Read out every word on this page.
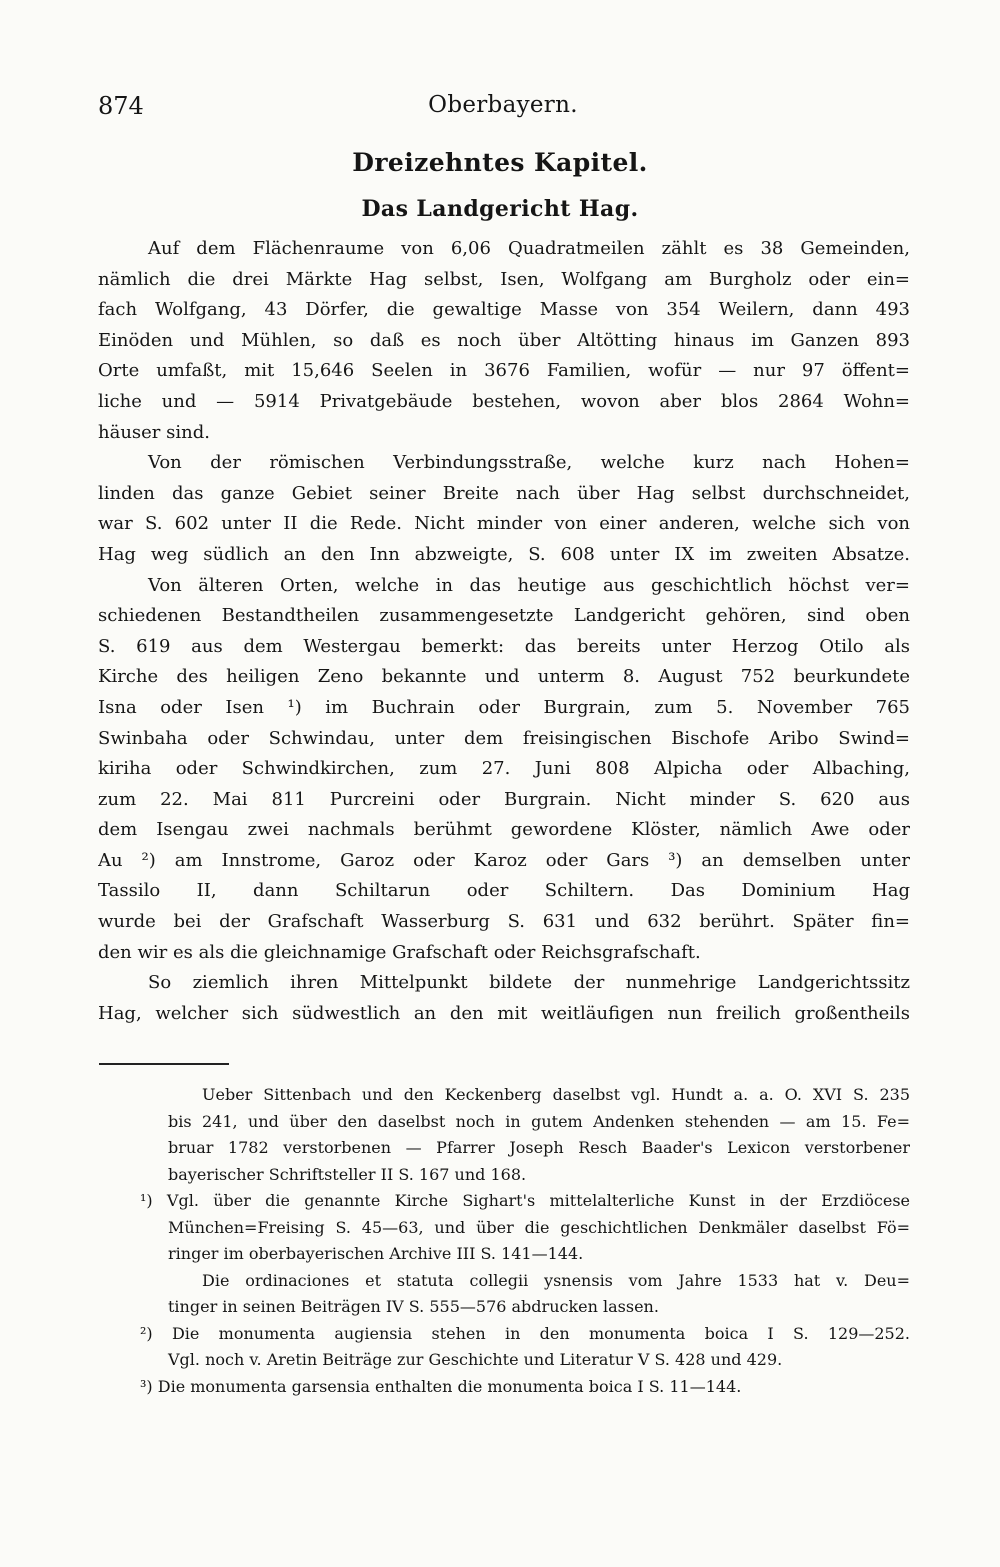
874	Oberbayern.
Dreizehntes Kapitel.
Das Landgericht Hag.
Auf dem Flächenraume von 6,06 Quadratmeilen zählt es 38 Gemeinden,
nämlich die drei Märkte Hag selbst, Isen, Wolfgang am Burgholz oder ein=
fach Wolfgang, 43 Dörfer, die gewaltige Masse von 354 Weilern, dann 493
Einöden und Mühlen, so daß es noch über Altötting hinaus im Ganzen 893
Orte umfaßt, mit 15,646 Seelen in 3676 Familien, wofür — nur 97 öffent=
liche und — 5914 Privatgebäude bestehen, wovon aber blos 2864 Wohn=
häuser sind.
Von der römischen Verbindungsstraße, welche kurz nach Hohen=
linden das ganze Gebiet seiner Breite nach über Hag selbst durchschneidet,
war S. 602 unter II die Rede. Nicht minder von einer anderen, welche sich von
Hag weg südlich an den Inn abzweigte, S. 608 unter IX im zweiten Absatze.
Von älteren Orten, welche in das heutige aus geschichtlich höchst ver=
schiedenen Bestandtheilen zusammengesetzte Landgericht gehören, sind oben
S. 619 aus dem Westergau bemerkt: das bereits unter Herzog Otilo als
Kirche des heiligen Zeno bekannte und unterm 8. August 752 beurkundete
Isna oder Isen ¹) im Buchrain oder Burgrain, zum 5. November 765
Swinbaha oder Schwindau, unter dem freisingischen Bischofe Aribo Swind=
kiriha oder Schwindkirchen, zum 27. Juni 808 Alpicha oder Albaching,
zum 22. Mai 811 Purcreini oder Burgrain. Nicht minder S. 620 aus
dem Isengau zwei nachmals berühmt gewordene Klöster, nämlich Awe oder
Au ²) am Innstrome, Garoz oder Karoz oder Gars ³) an demselben unter
Tassilo II, dann Schiltarun oder Schiltern. Das Dominium Hag
wurde bei der Grafschaft Wasserburg S. 631 und 632 berührt. Später fin=
den wir es als die gleichnamige Grafschaft oder Reichsgrafschaft.
So ziemlich ihren Mittelpunkt bildete der nunmehrige Landgerichtssitz
Hag, welcher sich südwestlich an den mit weitläufigen nun freilich großentheils
Ueber Sittenbach und den Keckenberg daselbst vgl. Hundt a. a. O. XVI S. 235
bis 241, und über den daselbst noch in gutem Andenken stehenden — am 15. Fe=
bruar 1782 verstorbenen — Pfarrer Joseph Resch Baader's Lexicon verstorbener
bayerischer Schriftsteller II S. 167 und 168.
¹) Vgl. über die genannte Kirche Sighart's mittelalterliche Kunst in der Erzdiöcese
München=Freising S. 45—63, und über die geschichtlichen Denkmäler daselbst Fö=
ringer im oberbayerischen Archive III S. 141—144.
Die ordinaciones et statuta collegii ysnensis vom Jahre 1533 hat v. Deu=
tinger in seinen Beiträgen IV S. 555—576 abdrucken lassen.
²) Die monumenta augiensia stehen in den monumenta boica I S. 129—252.
Vgl. noch v. Aretin Beiträge zur Geschichte und Literatur V S. 428 und 429.
³) Die monumenta garsensia enthalten die monumenta boica I S. 11—144.
